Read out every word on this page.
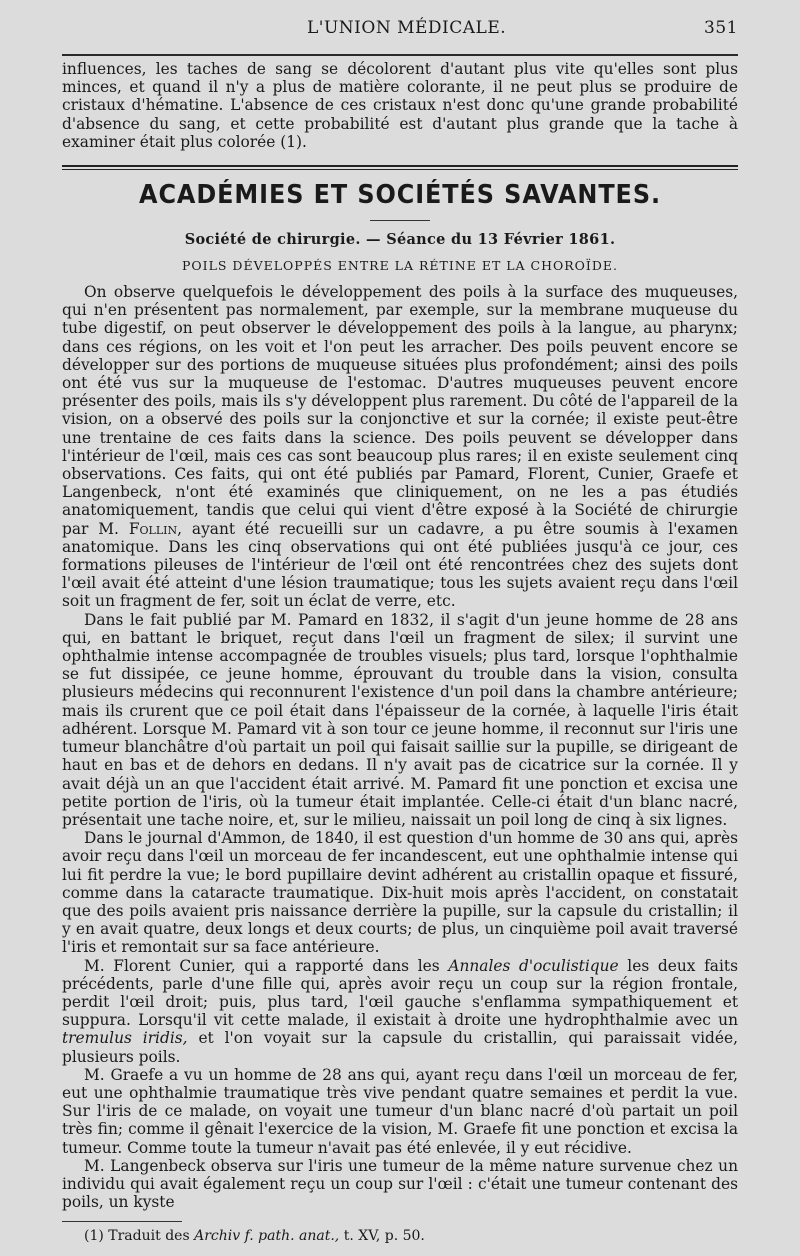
L'UNION MÉDICALE.	351

influences, les taches de sang se décolorent d'autant plus vite qu'elles sont plus minces, et quand il n'y a plus de matière colorante, il ne peut plus se produire de cristaux d'hématine. L'absence de ces cristaux n'est donc qu'une grande probabilité d'absence du sang, et cette probabilité est d'autant plus grande que la tache à examiner était plus colorée (1).

ACADÉMIES ET SOCIÉTÉS SAVANTES.
Société de chirurgie. — Séance du 13 Février 1861.
POILS DÉVELOPPÉS ENTRE LA RÉTINE ET LA CHOROÏDE.

On observe quelquefois le développement des poils à la surface des muqueuses, qui n'en présentent pas normalement, par exemple, sur la membrane muqueuse du tube digestif, on peut observer le développement des poils à la langue, au pharynx; dans ces régions, on les voit et l'on peut les arracher. Des poils peuvent encore se développer sur des portions de muqueuse situées plus profondément; ainsi des poils ont été vus sur la muqueuse de l'estomac. D'autres muqueuses peuvent encore présenter des poils, mais ils s'y développent plus rarement. Du côté de l'appareil de la vision, on a observé des poils sur la conjonctive et sur la cornée; il existe peut-être une trentaine de ces faits dans la science. Des poils peuvent se développer dans l'intérieur de l'œil, mais ces cas sont beaucoup plus rares; il en existe seulement cinq observations. Ces faits, qui ont été publiés par Pamard, Florent, Cunier, Graefe et Langenbeck, n'ont été examinés que cliniquement, on ne les a pas étudiés anatomiquement, tandis que celui qui vient d'être exposé à la Société de chirurgie par M. Follin, ayant été recueilli sur un cadavre, a pu être soumis à l'examen anatomique. Dans les cinq observations qui ont été publiées jusqu'à ce jour, ces formations pileuses de l'intérieur de l'œil ont été rencontrées chez des sujets dont l'œil avait été atteint d'une lésion traumatique; tous les sujets avaient reçu dans l'œil soit un fragment de fer, soit un éclat de verre, etc.

Dans le fait publié par M. Pamard en 1832, il s'agit d'un jeune homme de 28 ans qui, en battant le briquet, reçut dans l'œil un fragment de silex; il survint une ophthalmie intense accompagnée de troubles visuels; plus tard, lorsque l'ophthalmie se fut dissipée, ce jeune homme, éprouvant du trouble dans la vision, consulta plusieurs médecins qui reconnurent l'existence d'un poil dans la chambre antérieure; mais ils crurent que ce poil était dans l'épaisseur de la cornée, à laquelle l'iris était adhérent. Lorsque M. Pamard vit à son tour ce jeune homme, il reconnut sur l'iris une tumeur blanchâtre d'où partait un poil qui faisait saillie sur la pupille, se dirigeant de haut en bas et de dehors en dedans. Il n'y avait pas de cicatrice sur la cornée. Il y avait déjà un an que l'accident était arrivé. M. Pamard fit une ponction et excisa une petite portion de l'iris, où la tumeur était implantée. Celle-ci était d'un blanc nacré, présentait une tache noire, et, sur le milieu, naissait un poil long de cinq à six lignes.

Dans le journal d'Ammon, de 1840, il est question d'un homme de 30 ans qui, après avoir reçu dans l'œil un morceau de fer incandescent, eut une ophthalmie intense qui lui fit perdre la vue; le bord pupillaire devint adhérent au cristallin opaque et fissuré, comme dans la cataracte traumatique. Dix-huit mois après l'accident, on constatait que des poils avaient pris naissance derrière la pupille, sur la capsule du cristallin; il y en avait quatre, deux longs et deux courts; de plus, un cinquième poil avait traversé l'iris et remontait sur sa face antérieure.

M. Florent Cunier, qui a rapporté dans les Annales d'oculistique les deux faits précédents, parle d'une fille qui, après avoir reçu un coup sur la région frontale, perdit l'œil droit; puis, plus tard, l'œil gauche s'enflamma sympathiquement et suppura. Lorsqu'il vit cette malade, il existait à droite une hydrophthalmie avec un tremulus iridis, et l'on voyait sur la capsule du cristallin, qui paraissait vidée, plusieurs poils.

M. Graefe a vu un homme de 28 ans qui, ayant reçu dans l'œil un morceau de fer, eut une ophthalmie traumatique très vive pendant quatre semaines et perdit la vue. Sur l'iris de ce malade, on voyait une tumeur d'un blanc nacré d'où partait un poil très fin; comme il gênait l'exercice de la vision, M. Graefe fit une ponction et excisa la tumeur. Comme toute la tumeur n'avait pas été enlevée, il y eut récidive.

M. Langenbeck observa sur l'iris une tumeur de la même nature survenue chez un individu qui avait également reçu un coup sur l'œil : c'était une tumeur contenant des poils, un kyste

(1) Traduit des Archiv f. path. anat., t. XV, p. 50.
